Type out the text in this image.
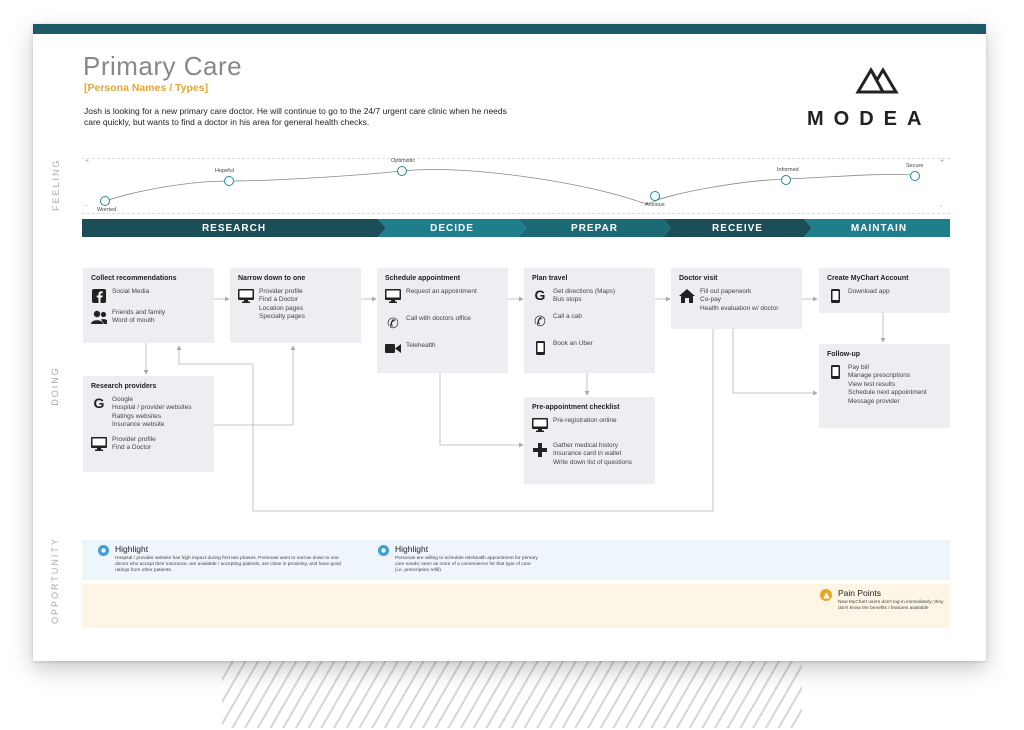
Primary Care
[Persona Names / Types]
Josh is looking for a new primary care doctor. He will continue to go to the 24/7 urgent care clinic when he needs care quickly, but wants to find a doctor in his area for general health checks.	MODEA
FEELING
DOING
OPPORTUNITY
+
-
+
-
Worried
Hopeful
Optimistic
Anxious
Informed
Secure
RESEARCH	DECIDE	PREPAR	RECEIVE	MAINTAIN
Collect recommendations
Social Media
Friends and family
Word of mouth
Narrow down to one
Provider profile
Find a Doctor
Location pages
Specialty pages
Research providers
G Google
Hospital / provider websites
Ratings websites
Insurance website
Provider profile
Find a Doctor
Schedule appointment
Request an appointment
✆ Call with doctors office
Telehealth
Plan travel
G Get directions (Maps)
Bus stops
✆ Call a cab
Book an Uber
Pre-appointment checklist
Pre-registration online
Gather medical history
Insurance card in wallet
Write down list of questions
Doctor visit
Fill out paperwork
Co-pay
Health evaluation w/ doctor
Create MyChart Account
Download app
Follow-up
Pay bill
Manage prescriptions
View test results
Schedule next appointment
Message provider
Highlight
Hospital / provider website has high impact during first two phases. Personas want to narrow down to one doctor who accept their insurance, are available / accepting patients, are close in proximity, and have good ratings from other patients.
Highlight
Personas are willing to schedule telehealth appointment for primary care needs; seen as more of a convenience for that type of care (i.e. prescription refill).
Pain Points
New MyChart users don't log-in immediately; they don't know the benefits / features available
